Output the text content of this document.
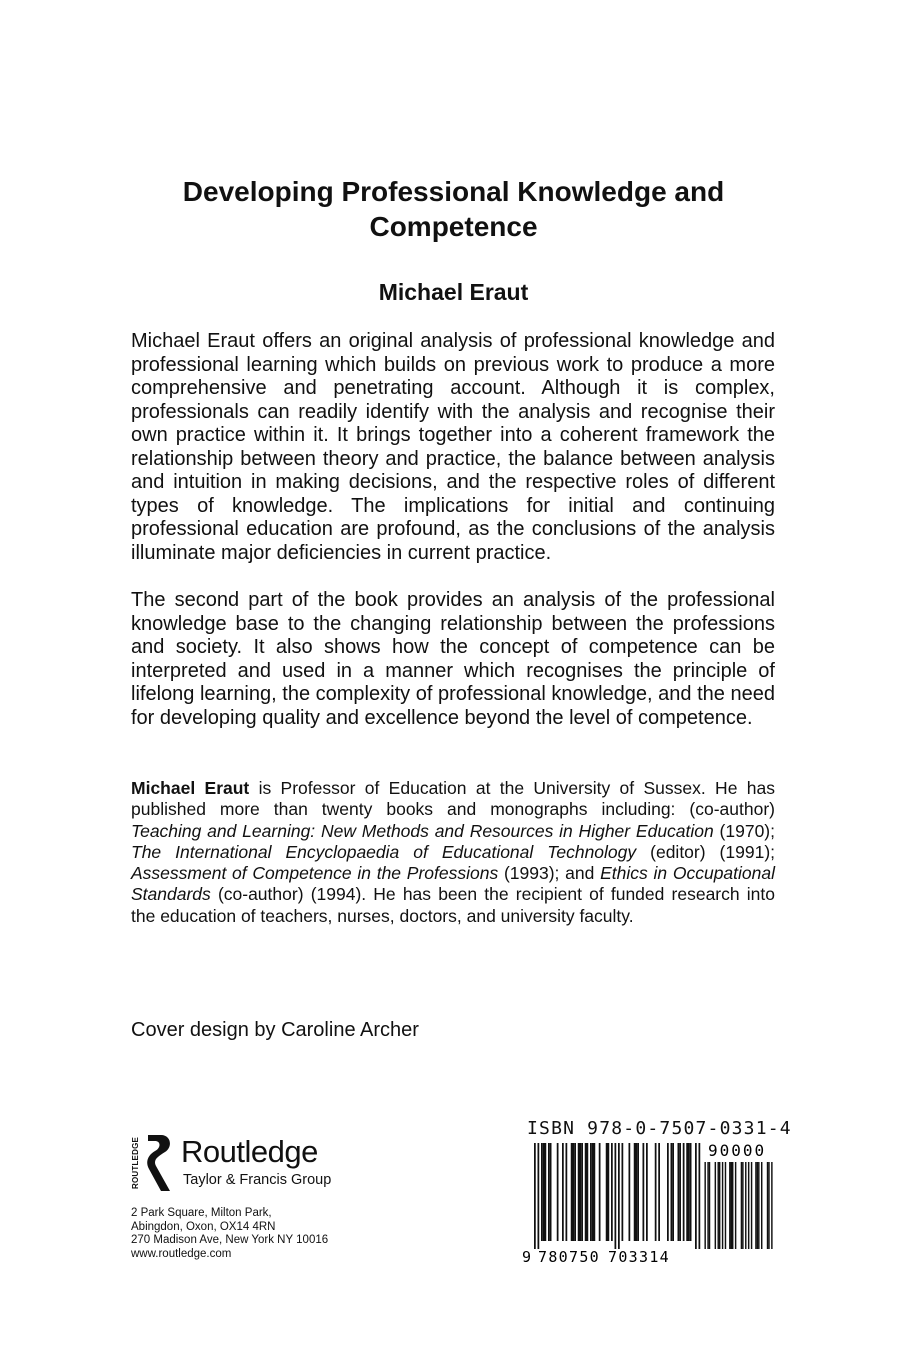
Developing Professional Knowledge and Competence
Michael Eraut

Michael Eraut offers an original analysis of professional knowledge and professional learning which builds on previous work to produce a more comprehensive and penetrating account. Although it is complex, professionals can readily identify with the analysis and recognise their own practice within it. It brings together into a coherent framework the relationship between theory and practice, the balance between analysis and intuition in making decisions, and the respective roles of different types of knowledge. The implications for initial and continuing professional education are profound, as the conclusions of the analysis illuminate major deficiencies in current practice.

The second part of the book provides an analysis of the professional knowledge base to the changing relationship between the professions and society. It also shows how the concept of competence can be interpreted and used in a manner which recognises the principle of lifelong learning, the complexity of professional knowledge, and the need for developing quality and excellence beyond the level of competence.

Michael Eraut is Professor of Education at the University of Sussex. He has published more than twenty books and monographs including: (co-author) Teaching and Learning: New Methods and Resources in Higher Education (1970); The International Encyclopaedia of Educational Technology (editor) (1991); Assessment of Competence in the Professions (1993); and Ethics in Occupational Standards (co-author) (1994). He has been the recipient of funded research into the education of teachers, nurses, doctors, and university faculty.

Cover design by Caroline Archer

ROUTLEDGE Routledge
Taylor & Francis Group
2 Park Square, Milton Park,
Abingdon, Oxon, OX14 4RN
270 Madison Ave, New York NY 10016
www.routledge.com
ISBN 978-0-7507-0331-4
9 780750 703314
90000
